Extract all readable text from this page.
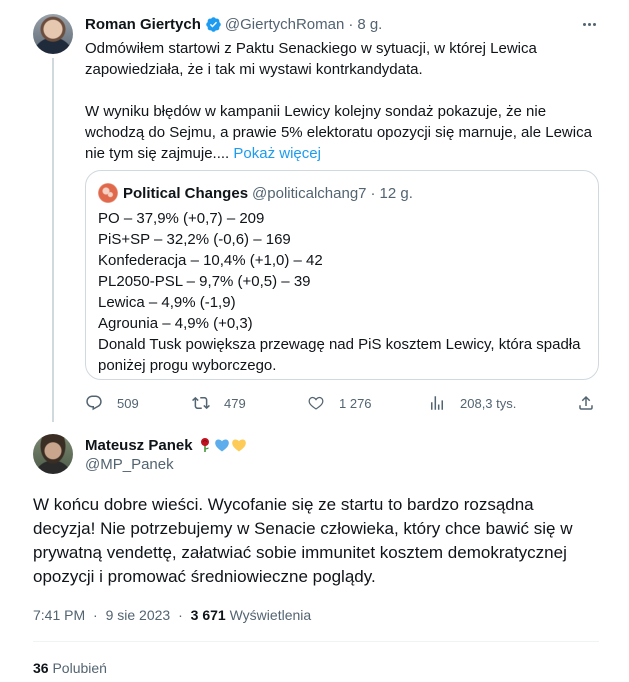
Roman Giertych @GiertychRoman · 8 g.

Odmówiłem startowi z Paktu Senackiego w sytuacji, w której Lewica zapowiedziała, że i tak mi wystawi kontrkandydata.

W wyniku błędów w kampanii Lewicy kolejny sondaż pokazuje, że nie wchodzą do Sejmu, a prawie 5% elektoratu opozycji się marnuje, ale Lewica nie tym się zajmuje.... Pokaż więcej

Political Changes @politicalchang7 · 12 g.
PO – 37,9% (+0,7) – 209
PiS+SP – 32,2% (-0,6) – 169
Konfederacja – 10,4% (+1,0) – 42
PL2050-PSL – 9,7% (+0,5) – 39
Lewica – 4,9% (-1,9)
Agrounia – 4,9% (+0,3)
Donald Tusk powiększa przewagę nad PiS kosztem Lewicy, która spadła poniżej progu wyborczego.
509	479	1 276	208,3 tys.
Mateusz Panek
@MP_Panek
W końcu dobre wieści. Wycofanie się ze startu to bardzo rozsądna decyzja! Nie potrzebujemy w Senacie człowieka, który chce bawić się w prywatną vendettę, załatwiać sobie immunitet kosztem demokratycznej opozycji i promować średniowieczne poglądy.
7:41 PM · 9 sie 2023 · 3 671 Wyświetlenia
36 Polubień
